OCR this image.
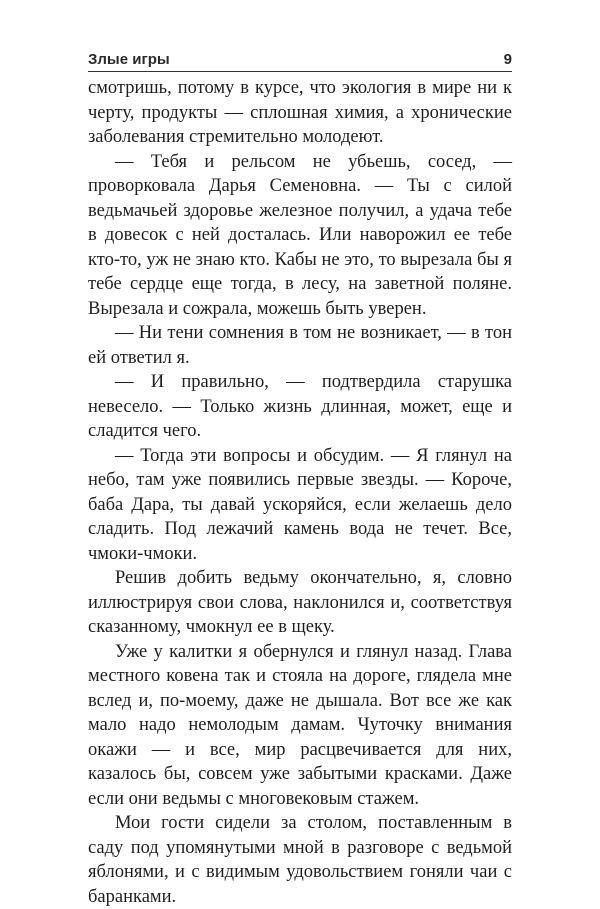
Злые игры	9

смотришь, потому в курсе, что экология в мире ни к черту, продукты — сплошная химия, а хронические заболевания стремительно молодеют.

— Тебя и рельсом не убьешь, сосед, — проворковала Дарья Семеновна. — Ты с силой ведьмачьей здоровье железное получил, а удача тебе в довесок с ней досталась. Или наворожил ее тебе кто-то, уж не знаю кто. Кабы не это, то вырезала бы я тебе сердце еще тогда, в лесу, на заветной поляне. Вырезала и сожрала, можешь быть уверен.

— Ни тени сомнения в том не возникает, — в тон ей ответил я.

— И правильно, — подтвердила старушка невесело. — Только жизнь длинная, может, еще и сладится чего.

— Тогда эти вопросы и обсудим. — Я глянул на небо, там уже появились первые звезды. — Короче, баба Дара, ты давай ускоряйся, если желаешь дело сладить. Под лежачий камень вода не течет. Все, чмоки-чмоки.

Решив добить ведьму окончательно, я, словно иллюстрируя свои слова, наклонился и, соответствуя сказанному, чмокнул ее в щеку.

Уже у калитки я обернулся и глянул назад. Глава местного ковена так и стояла на дороге, глядела мне вслед и, по-моему, даже не дышала. Вот все же как мало надо немолодым дамам. Чуточку внимания окажи — и все, мир расцвечивается для них, казалось бы, совсем уже забытыми красками. Даже если они ведьмы с многовековым стажем.

Мои гости сидели за столом, поставленным в саду под упомянутыми мной в разговоре с ведьмой яблонями, и с видимым удовольствием гоняли чаи с баранками.
